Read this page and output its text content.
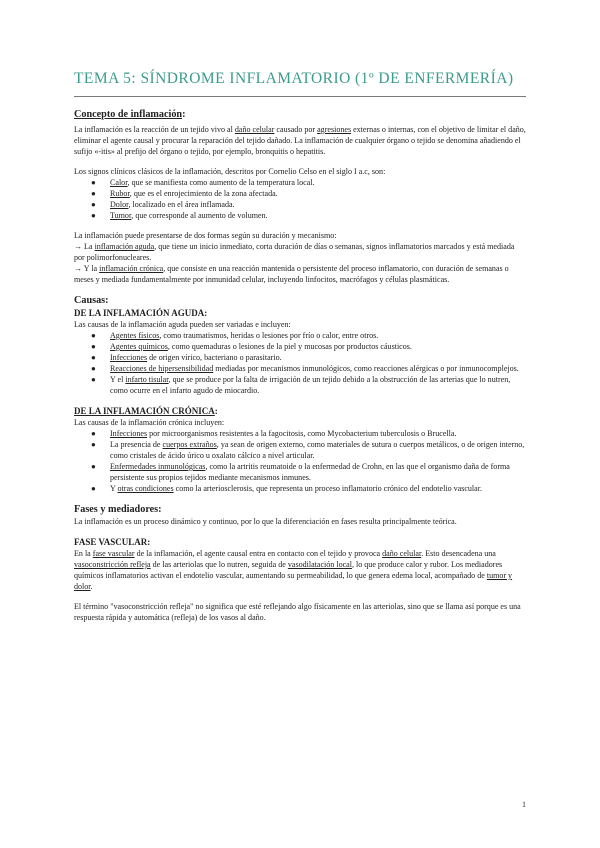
TEMA 5: SÍNDROME INFLAMATORIO (1º DE ENFERMERÍA)
Concepto de inflamación:

La inflamación es la reacción de un tejido vivo al daño celular causado por agresiones externas o internas, con el objetivo de limitar el daño, eliminar el agente causal y procurar la reparación del tejido dañado. La inflamación de cualquier órgano o tejido se denomina añadiendo el sufijo «-itis» al prefijo del órgano o tejido, por ejemplo, bronquitis o hepatitis.

Los signos clínicos clásicos de la inflamación, descritos por Cornelio Celso en el siglo I a.c, son:

● Calor, que se manifiesta como aumento de la temperatura local.
● Rubor, que es el enrojecimiento de la zona afectada.
● Dolor, localizado en el área inflamada.
● Tumor, que corresponde al aumento de volumen.

La inflamación puede presentarse de dos formas según su duración y mecanismo:

→ La inflamación aguda, que tiene un inicio inmediato, corta duración de días o semanas, signos inflamatorios marcados y está mediada por polimorfonucleares.

→ Y la inflamación crónica, que consiste en una reacción mantenida o persistente del proceso inflamatorio, con duración de semanas o meses y mediada fundamentalmente por inmunidad celular, incluyendo linfocitos, macrófagos y células plasmáticas.

Causas:
DE LA INFLAMACIÓN AGUDA:

Las causas de la inflamación aguda pueden ser variadas e incluyen:

● Agentes físicos, como traumatismos, heridas o lesiones por frío o calor, entre otros.
● Agentes químicos, como quemaduras o lesiones de la piel y mucosas por productos cáusticos.
● Infecciones de origen vírico, bacteriano o parasitario.
● Reacciones de hipersensibilidad mediadas por mecanismos inmunológicos, como reacciones alérgicas o por inmunocomplejos.
● Y el infarto tisular, que se produce por la falta de irrigación de un tejido debido a la obstrucción de las arterias que lo nutren, como ocurre en el infarto agudo de miocardio.
DE LA INFLAMACIÓN CRÓNICA:

Las causas de la inflamación crónica incluyen:

● Infecciones por microorganismos resistentes a la fagocitosis, como Mycobacterium tuberculosis o Brucella.
● La presencia de cuerpos extraños, ya sean de origen externo, como materiales de sutura o cuerpos metálicos, o de origen interno, como cristales de ácido úrico u oxalato cálcico a nivel articular.
● Enfermedades inmunológicas, como la artritis reumatoide o la enfermedad de Crohn, en las que el organismo daña de forma persistente sus propios tejidos mediante mecanismos inmunes.
● Y otras condiciones como la arteriosclerosis, que representa un proceso inflamatorio crónico del endotelio vascular.
Fases y mediadores:

La inflamación es un proceso dinámico y continuo, por lo que la diferenciación en fases resulta principalmente teórica.

FASE VASCULAR:

En la fase vascular de la inflamación, el agente causal entra en contacto con el tejido y provoca daño celular. Esto desencadena una vasoconstricción refleja de las arteriolas que lo nutren, seguida de vasodilatación local, lo que produce calor y rubor. Los mediadores químicos inflamatorios activan el endotelio vascular, aumentando su permeabilidad, lo que genera edema local, acompañado de tumor y dolor.

El término "vasoconstricción refleja" no significa que esté reflejando algo físicamente en las arteriolas, sino que se llama así porque es una respuesta rápida y automática (refleja) de los vasos al daño.

1
